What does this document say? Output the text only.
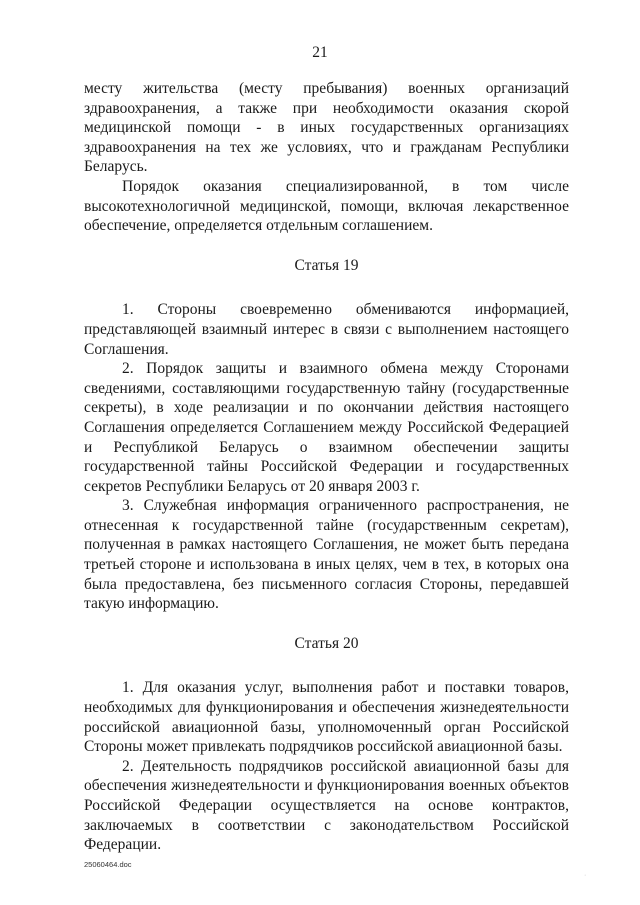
21

месту жительства (месту пребывания) военных организаций здравоохранения, а также при необходимости оказания скорой медицинской помощи - в иных государственных организациях здравоохранения на тех же условиях, что и гражданам Республики Беларусь.

Порядок оказания специализированной, в том числе высокотехнологичной медицинской, помощи, включая лекарственное обеспечение, определяется отдельным соглашением.

Статья 19

1. Стороны своевременно обмениваются информацией, представляющей взаимный интерес в связи с выполнением настоящего Соглашения.

2. Порядок защиты и взаимного обмена между Сторонами сведениями, составляющими государственную тайну (государственные секреты), в ходе реализации и по окончании действия настоящего Соглашения определяется Соглашением между Российской Федерацией и Республикой Беларусь о взаимном обеспечении защиты государственной тайны Российской Федерации и государственных секретов Республики Беларусь от 20 января 2003 г.

3. Служебная информация ограниченного распространения, не отнесенная к государственной тайне (государственным секретам), полученная в рамках настоящего Соглашения, не может быть передана третьей стороне и использована в иных целях, чем в тех, в которых она была предоставлена, без письменного согласия Стороны, передавшей такую информацию.

Статья 20

1. Для оказания услуг, выполнения работ и поставки товаров, необходимых для функционирования и обеспечения жизнедеятельности российской авиационной базы, уполномоченный орган Российской Стороны может привлекать подрядчиков российской авиационной базы.

2. Деятельность подрядчиков российской авиационной базы для обеспечения жизнедеятельности и функционирования военных объектов Российской Федерации осуществляется на основе контрактов, заключаемых в соответствии с законодательством Российской Федерации.

25060464.doc
·
